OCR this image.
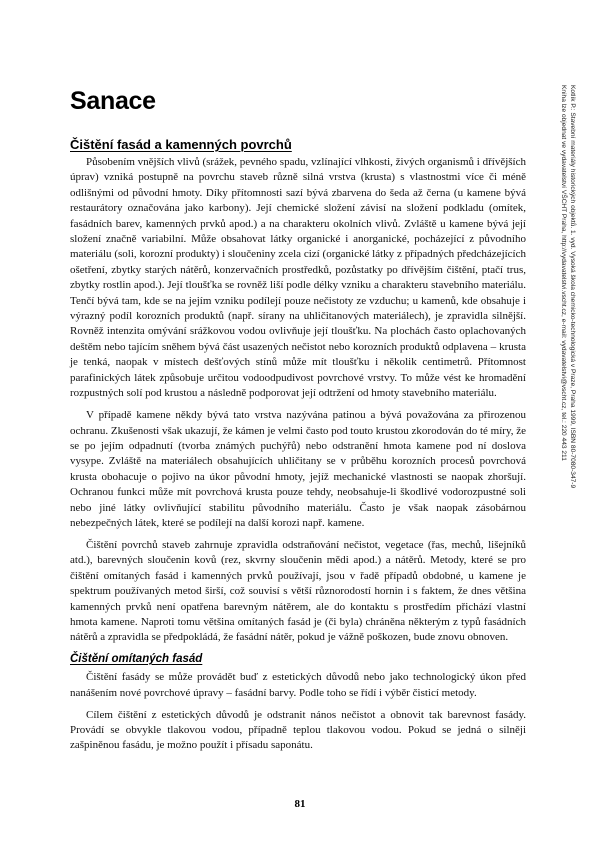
Sanace
Čištění fasád a kamenných povrchů

Působením vnějších vlivů (srážek, pevného spadu, vzlínající vlhkosti, živých organismů i dřívějších úprav) vzniká postupně na povrchu staveb různě silná vrstva (krusta) s vlastnostmi více či méně odlišnými od původní hmoty. Díky přítomnosti sazí bývá zbarvena do šeda až černa (u kamene bývá restaurátory označována jako karbony). Její chemické složení závisí na složení podkladu (omítek, fasádních barev, kamenných prvků apod.) a na charakteru okolních vlivů. Zvláště u kamene bývá její složení značně variabilní. Může obsahovat látky organické i anorganické, pocházející z původního materiálu (soli, korozní produkty) i sloučeniny zcela cizí (organické látky z případných předcházejících ošetření, zbytky starých nátěrů, konzervačních prostředků, pozůstatky po dřívějším čištění, ptačí trus, zbytky rostlin apod.). Její tloušťka se rovněž liší podle délky vzniku a charakteru stavebního materiálu. Tenčí bývá tam, kde se na jejím vzniku podílejí pouze nečistoty ze vzduchu; u kamenů, kde obsahuje i výrazný podíl korozních produktů (např. sírany na uhličitanových materiálech), je zpravidla silnější. Rovněž intenzita omývání srážkovou vodou ovlivňuje její tloušťku. Na plochách často oplachovaných deštěm nebo tajícím sněhem bývá část usazených nečistot nebo korozních produktů odplavena – krusta je tenká, naopak v místech dešťových stínů může mít tloušťku i několik centimetrů. Přítomnost parafinických látek způsobuje určitou vodoodpudivost povrchové vrstvy. To může vést ke hromadění rozpustných solí pod krustou a následně podporovat její odtržení od hmoty stavebního materiálu.

V případě kamene někdy bývá tato vrstva nazývána patinou a bývá považována za přirozenou ochranu. Zkušenosti však ukazují, že kámen je velmi často pod touto krustou zkorodován do té míry, že se po jejím odpadnutí (tvorba známých puchýřů) nebo odstranění hmota kamene pod ní doslova vysype. Zvláště na materiálech obsahujících uhličitany se v průběhu korozních procesů povrchová krusta obohacuje o pojivo na úkor původní hmoty, jejíž mechanické vlastnosti se naopak zhoršují. Ochranou funkci může mít povrchová krusta pouze tehdy, neobsahuje-li škodlivé vodorozpustné soli nebo jiné látky ovlivňující stabilitu původního materiálu. Často je však naopak zásobárnou nebezpečných látek, které se podílejí na další korozi např. kamene.

Čištění povrchů staveb zahrnuje zpravidla odstraňování nečistot, vegetace (řas, mechů, lišejníků atd.), barevných sloučenin kovů (rez, skvrny sloučenin mědi apod.) a nátěrů. Metody, které se pro čištění omítaných fasád i kamenných prvků používají, jsou v řadě případů obdobné, u kamene je spektrum používaných metod širší, což souvisí s větší různorodostí hornin i s faktem, že dnes většina kamenných prvků není opatřena barevným nátěrem, ale do kontaktu s prostředím přichází vlastní hmota kamene. Naproti tomu většina omítaných fasád je (či byla) chráněna některým z typů fasádních nátěrů a zpravidla se předpokládá, že fasádní nátěr, pokud je vážně poškozen, bude znovu obnoven.

Čištění omítaných fasád

Čištění fasády se může provádět buď z estetických důvodů nebo jako technologický úkon před nanášením nové povrchové úpravy – fasádní barvy. Podle toho se řídí i výběr čisticí metody.

Cílem čištění z estetických důvodů je odstranit nános nečistot a obnovit tak barevnost fasády. Provádí se obvykle tlakovou vodou, případně teplou tlakovou vodou. Pokud se jedná o silněji zašpiněnou fasádu, je možno použít i přísadu saponátu.

Kotlík P.: Stavební materiály historických objektů. 1. vyd. Vysoká škola chemicko-technologická v Praze, Praha 1999, ISBN 80-7080-347-9
Kniha lze objednat ve vydavatelství VŠCHT Praha, http://vydavatelstvi.vscht.cz, e-mail: vydavatelstvi@vscht.cz, tel.: 220 443 211
81
